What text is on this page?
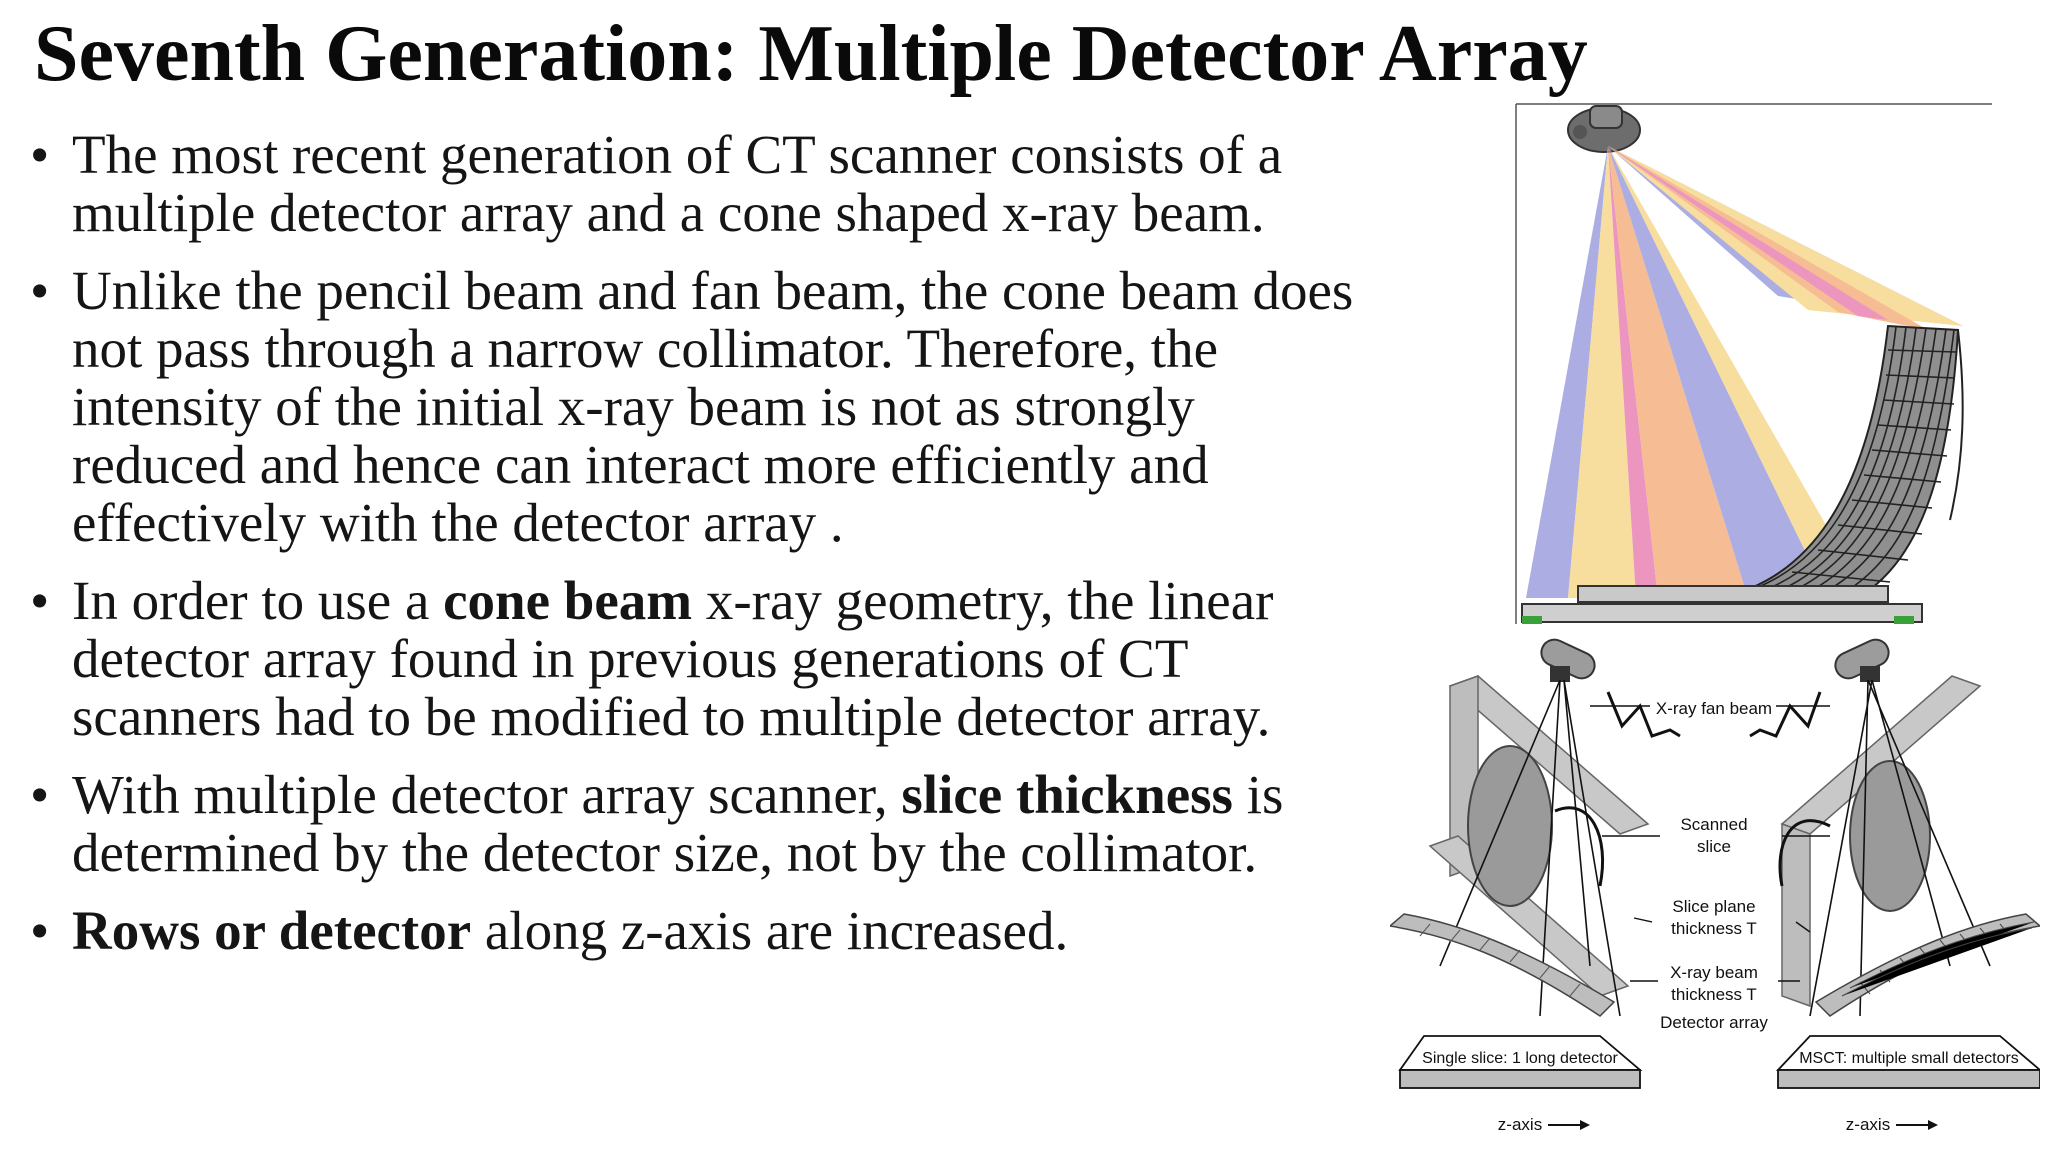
Seventh Generation: Multiple Detector Array
• The most recent generation of CT scanner consists of a multiple detector array and a cone shaped x-ray beam.
• Unlike the pencil beam and fan beam, the cone beam does not pass through a narrow collimator. Therefore, the intensity of the initial x-ray beam is not as strongly reduced and hence can interact more efficiently and effectively with the detector array .
• In order to use a cone beam x-ray geometry, the linear detector array found in previous generations of CT scanners had to be modified to multiple detector array.
• With multiple detector array scanner, slice thickness is determined by the detector size, not by the collimator.
• Rows or detector along z-axis are increased.
X-ray fan beam
Scanned
slice
Slice plane
thickness T
X-ray beam
thickness T
Detector array
Single slice: 1 long detector	MSCT: multiple small detectors
z-axis	z-axis
